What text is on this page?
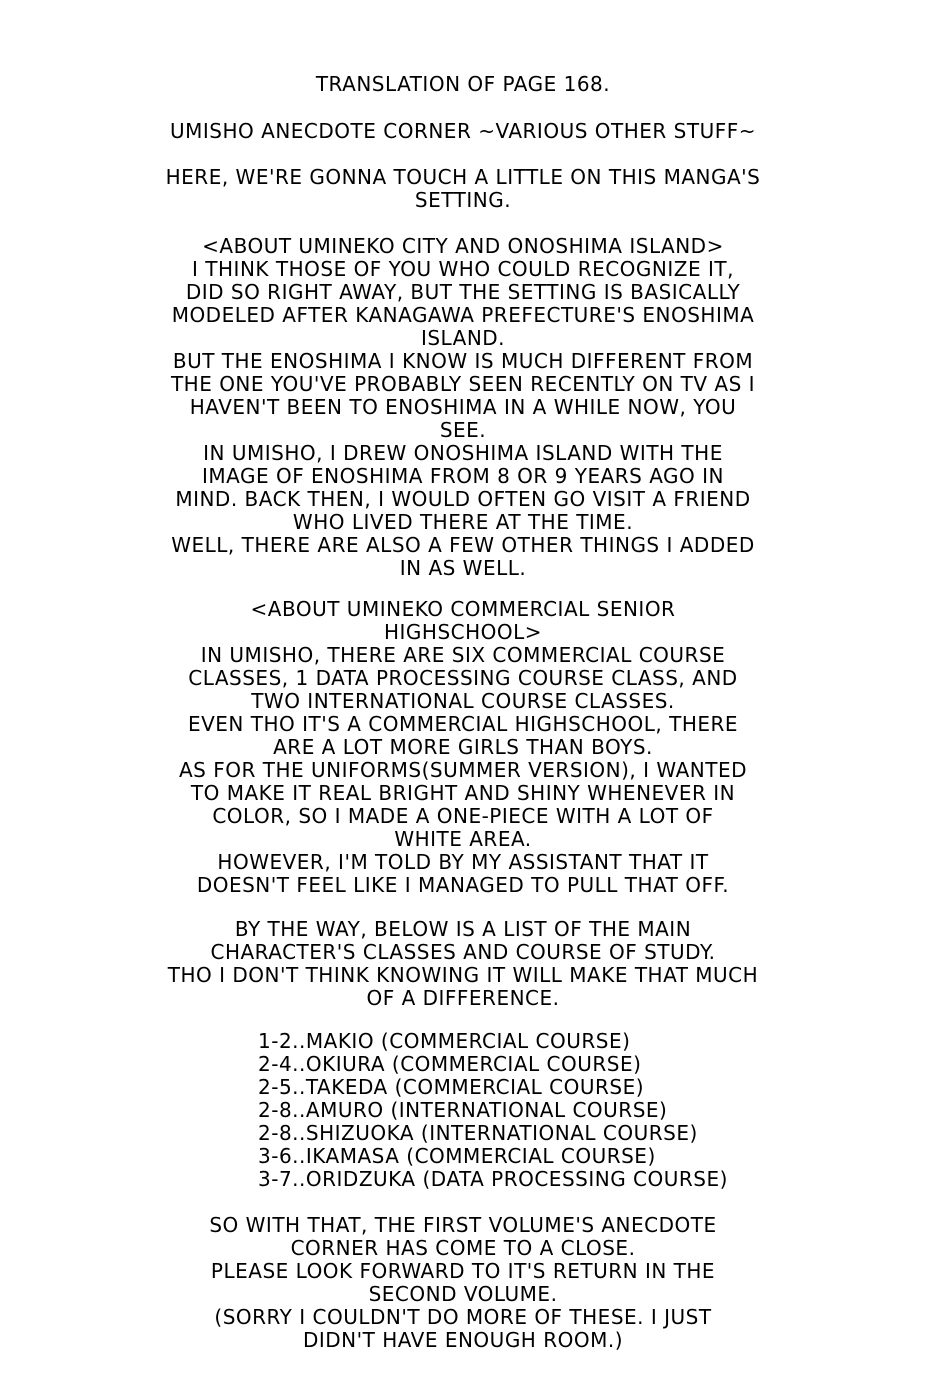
TRANSLATION OF PAGE 168.
UMISHO ANECDOTE CORNER ~VARIOUS OTHER STUFF~
HERE, WE'RE GONNA TOUCH A LITTLE ON THIS MANGA'S
SETTING.
<ABOUT UMINEKO CITY AND ONOSHIMA ISLAND>
I THINK THOSE OF YOU WHO COULD RECOGNIZE IT,
DID SO RIGHT AWAY, BUT THE SETTING IS BASICALLY
MODELED AFTER KANAGAWA PREFECTURE'S ENOSHIMA
ISLAND.
BUT THE ENOSHIMA I KNOW IS MUCH DIFFERENT FROM
THE ONE YOU'VE PROBABLY SEEN RECENTLY ON TV AS I
HAVEN'T BEEN TO ENOSHIMA IN A WHILE NOW, YOU
SEE.
IN UMISHO, I DREW ONOSHIMA ISLAND WITH THE
IMAGE OF ENOSHIMA FROM 8 OR 9 YEARS AGO IN
MIND. BACK THEN, I WOULD OFTEN GO VISIT A FRIEND
WHO LIVED THERE AT THE TIME.
WELL, THERE ARE ALSO A FEW OTHER THINGS I ADDED
IN AS WELL.
<ABOUT UMINEKO COMMERCIAL SENIOR
HIGHSCHOOL>
IN UMISHO, THERE ARE SIX COMMERCIAL COURSE
CLASSES, 1 DATA PROCESSING COURSE CLASS, AND
TWO INTERNATIONAL COURSE CLASSES.
EVEN THO IT'S A COMMERCIAL HIGHSCHOOL, THERE
ARE A LOT MORE GIRLS THAN BOYS.
AS FOR THE UNIFORMS(SUMMER VERSION), I WANTED
TO MAKE IT REAL BRIGHT AND SHINY WHENEVER IN
COLOR, SO I MADE A ONE-PIECE WITH A LOT OF
WHITE AREA.
HOWEVER, I'M TOLD BY MY ASSISTANT THAT IT
DOESN'T FEEL LIKE I MANAGED TO PULL THAT OFF.
BY THE WAY, BELOW IS A LIST OF THE MAIN
CHARACTER'S CLASSES AND COURSE OF STUDY.
THO I DON'T THINK KNOWING IT WILL MAKE THAT MUCH
OF A DIFFERENCE.
1-2..MAKIO (COMMERCIAL COURSE)
2-4..OKIURA (COMMERCIAL COURSE)
2-5..TAKEDA (COMMERCIAL COURSE)
2-8..AMURO (INTERNATIONAL COURSE)
2-8..SHIZUOKA (INTERNATIONAL COURSE)
3-6..IKAMASA (COMMERCIAL COURSE)
3-7..ORIDZUKA (DATA PROCESSING COURSE)
SO WITH THAT, THE FIRST VOLUME'S ANECDOTE
CORNER HAS COME TO A CLOSE.
PLEASE LOOK FORWARD TO IT'S RETURN IN THE
SECOND VOLUME.
(SORRY I COULDN'T DO MORE OF THESE. I JUST
DIDN'T HAVE ENOUGH ROOM.)
